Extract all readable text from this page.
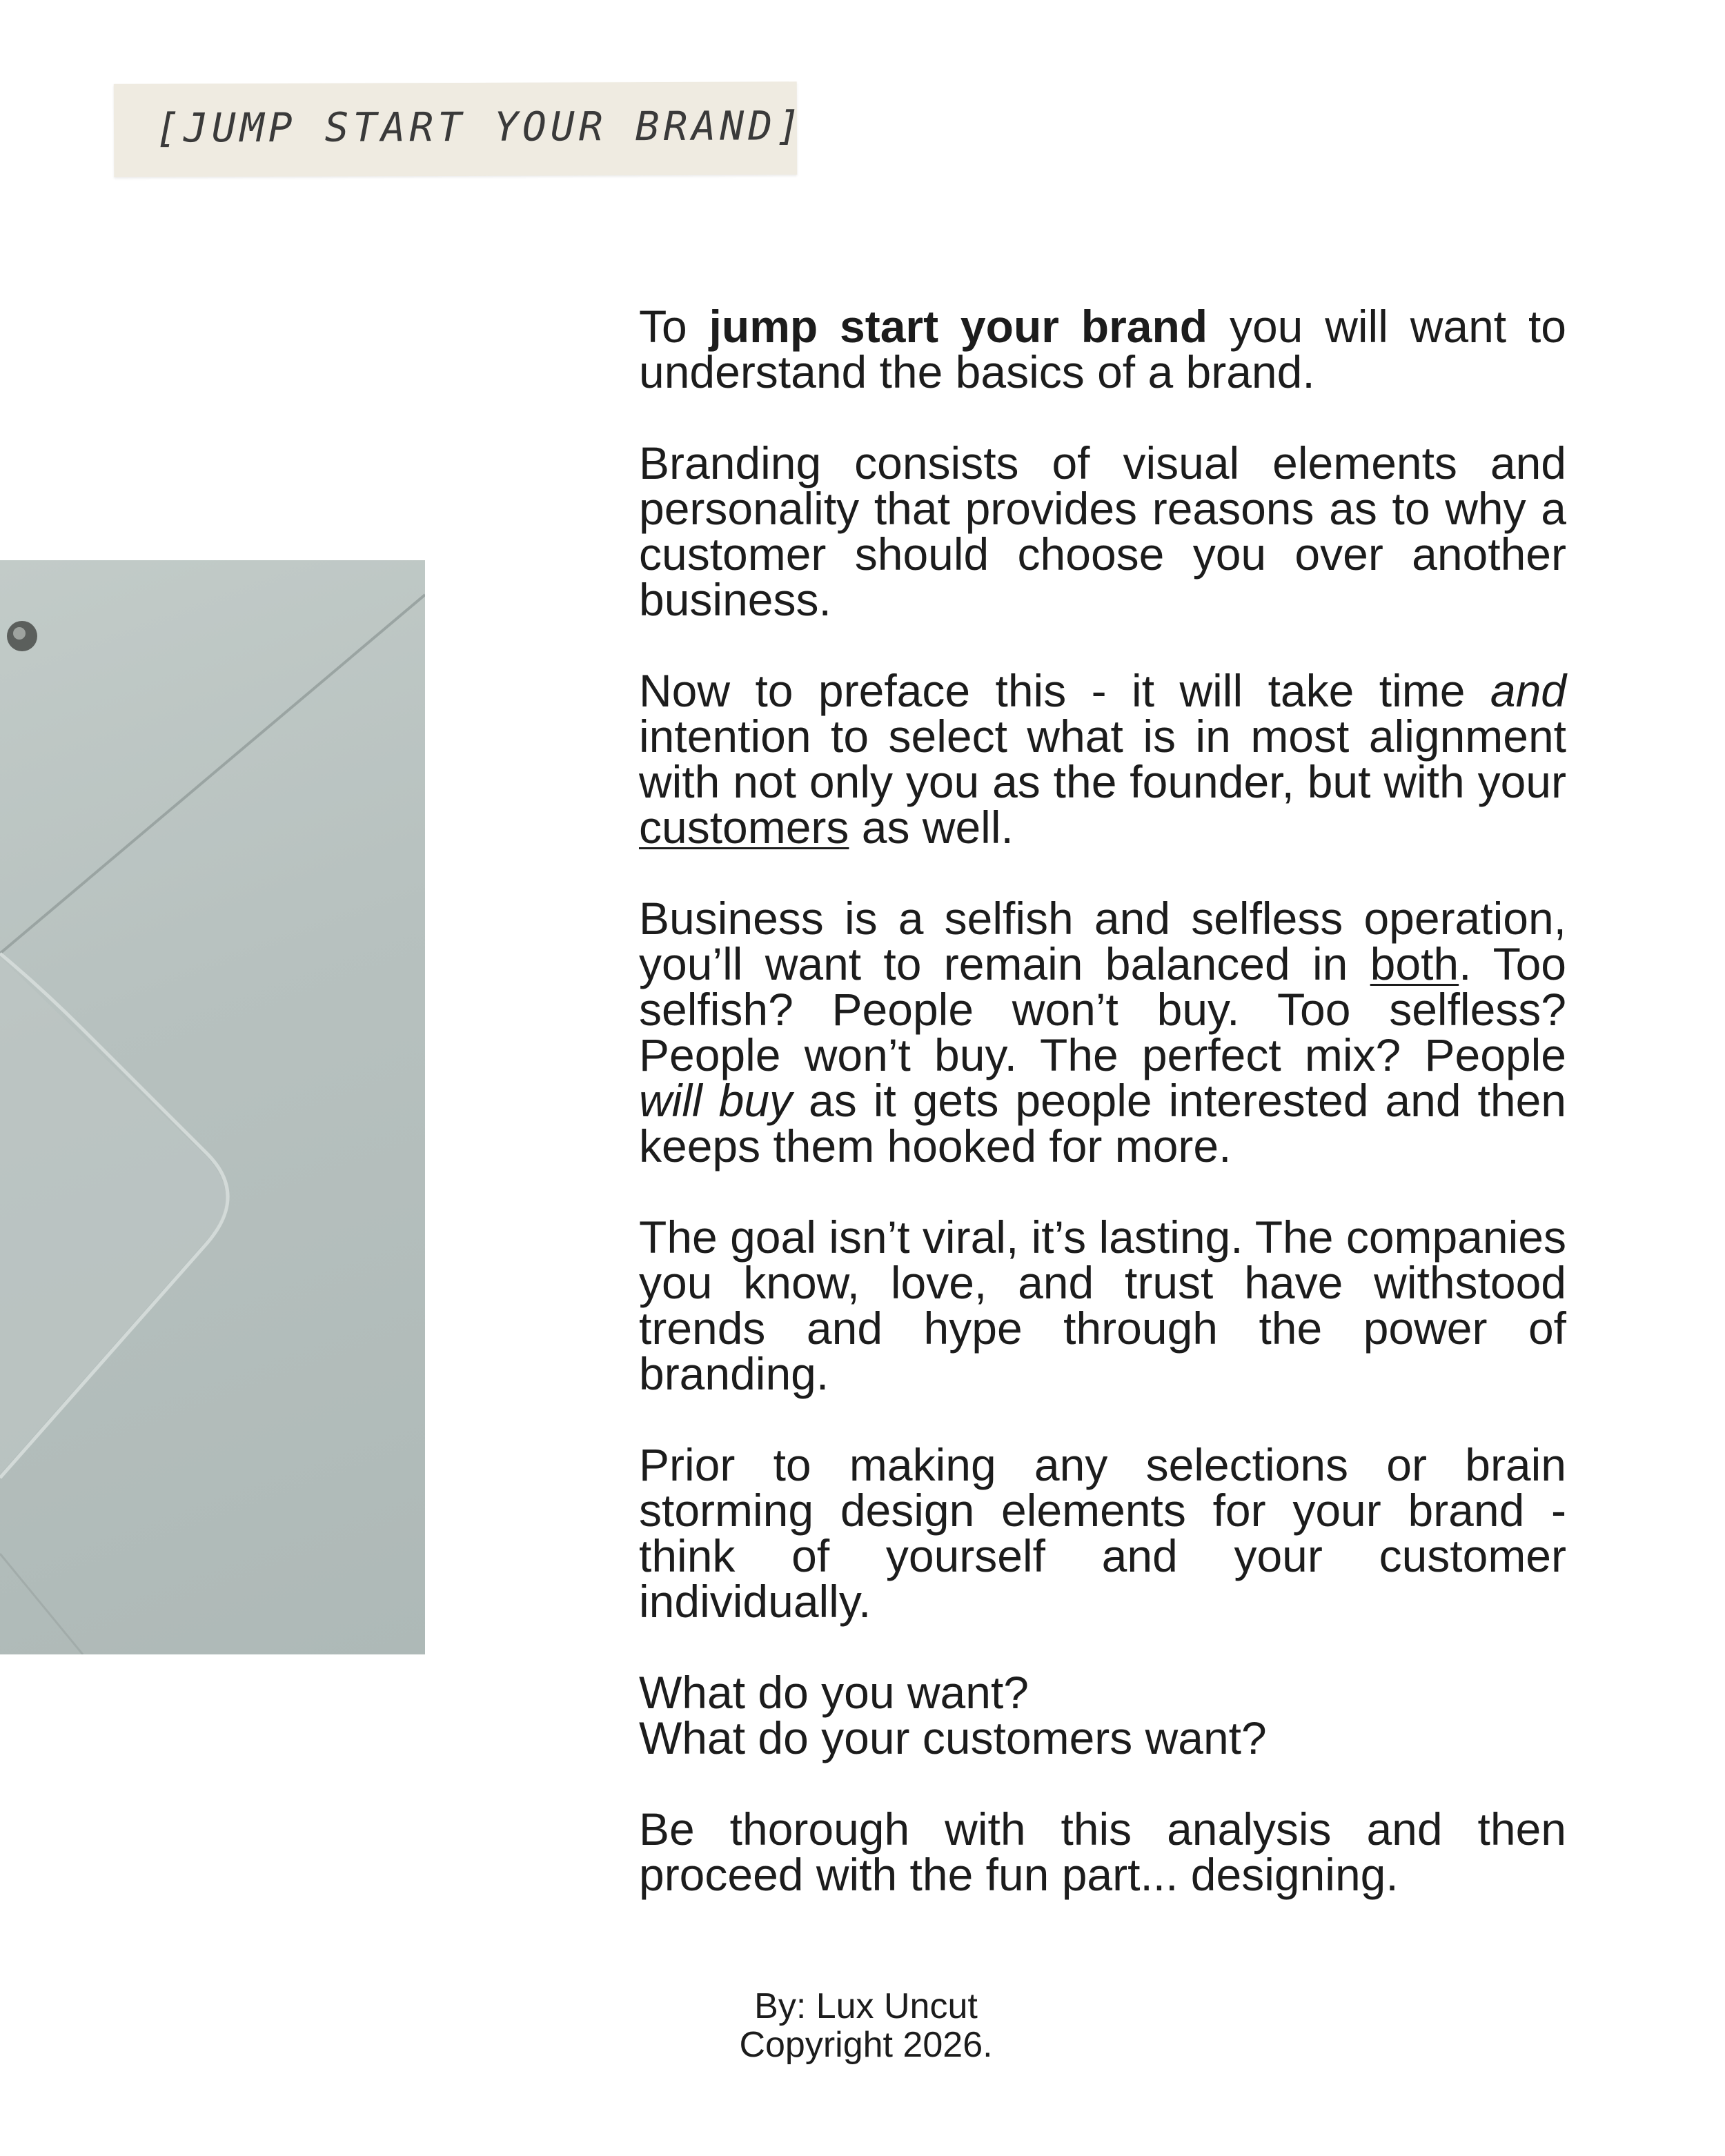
[JUMP START YOUR BRAND]

To jump start your brand you will want to understand the basics of a brand.

Branding consists of visual elements and personality that provides reasons as to why a customer should choose you over another business.

Now to preface this - it will take time and intention to select what is in most alignment with not only you as the founder, but with your customers as well.

Business is a selfish and selfless operation, you’ll want to remain balanced in both. Too selfish? People won’t buy. Too selfless? People won’t buy. The perfect mix? People will buy as it gets people interested and then keeps them hooked for more.

The goal isn’t viral, it’s lasting. The companies you know, love, and trust have withstood trends and hype through the power of branding.

Prior to making any selections or brain storming design elements for your brand - think of yourself and your customer individually.

What do you want?
What do your customers want?

Be thorough with this analysis and then proceed with the fun part... designing.

By: Lux Uncut
Copyright 2026.
